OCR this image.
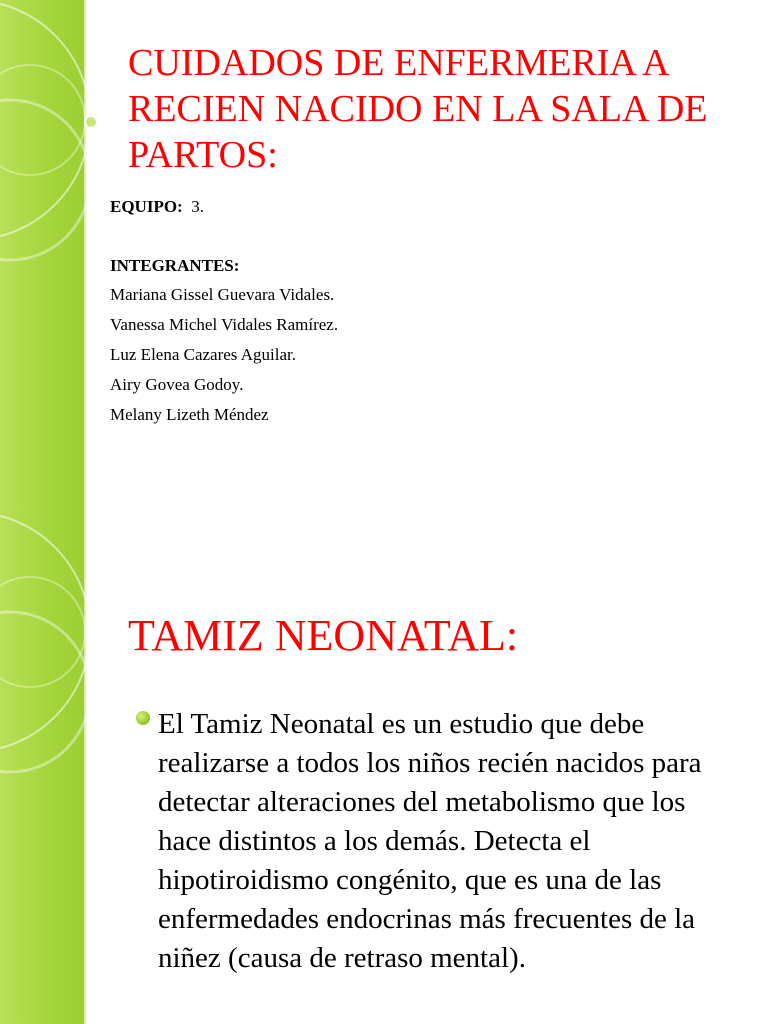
CUIDADOS DE ENFERMERIA A RECIEN NACIDO EN LA SALA DE PARTOS:
EQUIPO: 3.
INTEGRANTES:
Mariana Gissel Guevara Vidales.
Vanessa Michel Vidales Ramírez.
Luz Elena Cazares Aguilar.
Airy Govea Godoy.
Melany Lizeth Méndez
TAMIZ NEONATAL:

El Tamiz Neonatal es un estudio que debe realizarse a todos los niños recién nacidos para detectar alteraciones del metabolismo que los hace distintos a los demás. Detecta el hipotiroidismo congénito, que es una de las enfermedades endocrinas más frecuentes de la niñez (causa de retraso mental).
